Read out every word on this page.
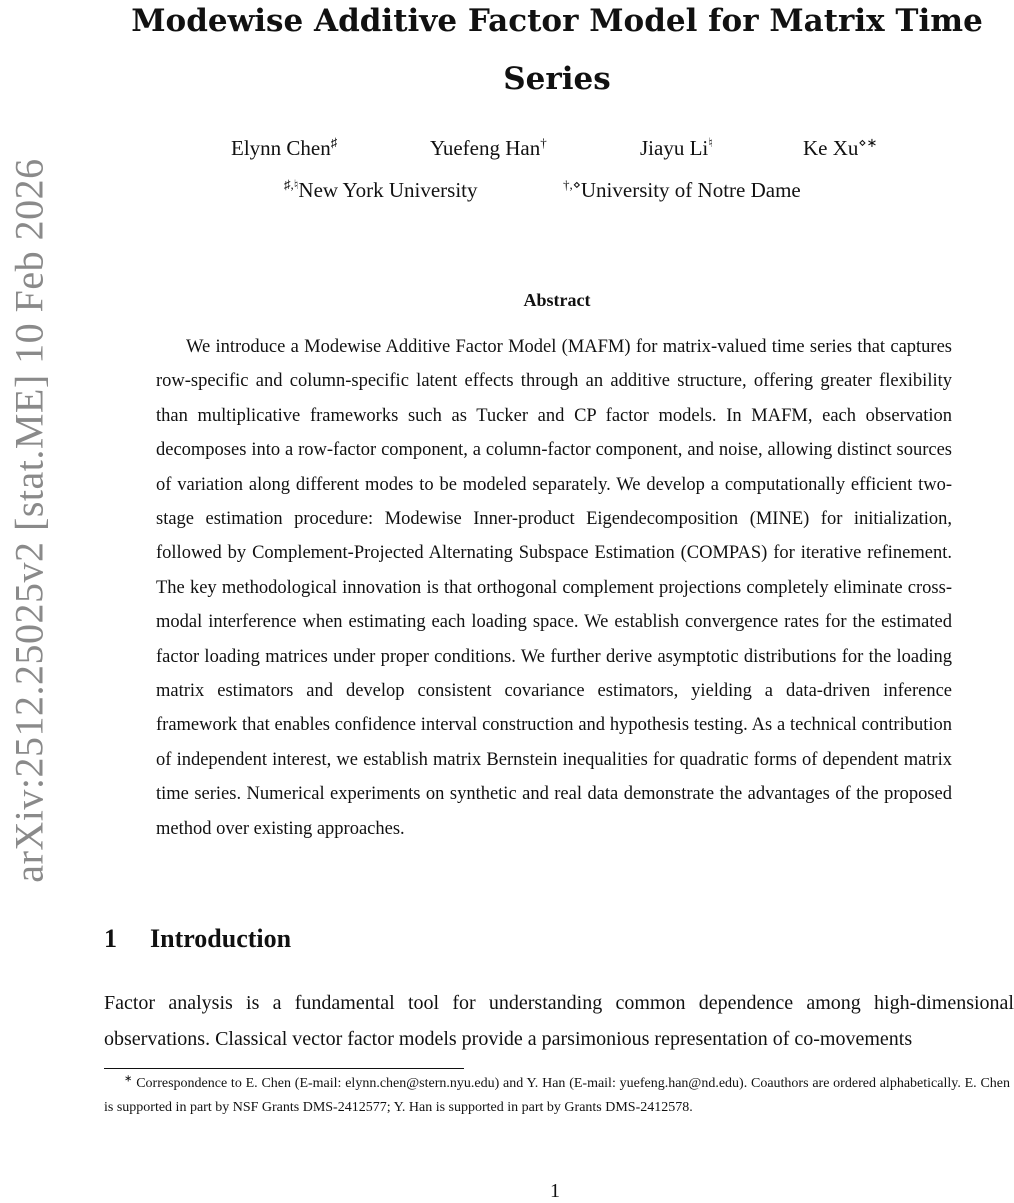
arXiv:2512.25025v2 [stat.ME] 10 Feb 2026
Modewise Additive Factor Model for Matrix Time Series
Elynn Chen♯	Yuefeng Han†	Jiayu Li♮	Ke Xu⋄∗
♯,♮New York University	†,⋄University of Notre Dame
Abstract

We introduce a Modewise Additive Factor Model (MAFM) for matrix-valued time series that captures row-specific and column-specific latent effects through an additive structure, offering greater flexibility than multiplicative frameworks such as Tucker and CP factor models. In MAFM, each observation decomposes into a row-factor component, a column-factor component, and noise, allowing distinct sources of variation along different modes to be modeled separately. We develop a computationally efficient two-stage estimation procedure: Modewise Inner-product Eigendecomposition (MINE) for initialization, followed by Complement-Projected Alternating Subspace Estimation (COMPAS) for iterative refinement. The key methodological innovation is that orthogonal complement projections completely eliminate cross-modal interference when estimating each loading space. We establish convergence rates for the estimated factor loading matrices under proper conditions. We further derive asymptotic distributions for the loading matrix estimators and develop consistent covariance estimators, yielding a data-driven inference framework that enables confidence interval construction and hypothesis testing. As a technical contribution of independent interest, we establish matrix Bernstein inequalities for quadratic forms of dependent matrix time series. Numerical experiments on synthetic and real data demonstrate the advantages of the proposed method over existing approaches.

1 Introduction

Factor analysis is a fundamental tool for understanding common dependence among high-dimensional observations. Classical vector factor models provide a parsimonious representation of co-movements

∗ Correspondence to E. Chen (E-mail: elynn.chen@stern.nyu.edu) and Y. Han (E-mail: yuefeng.han@nd.edu). Coauthors are ordered alphabetically. E. Chen is supported in part by NSF Grants DMS-2412577; Y. Han is supported in part by Grants DMS-2412578.

1
